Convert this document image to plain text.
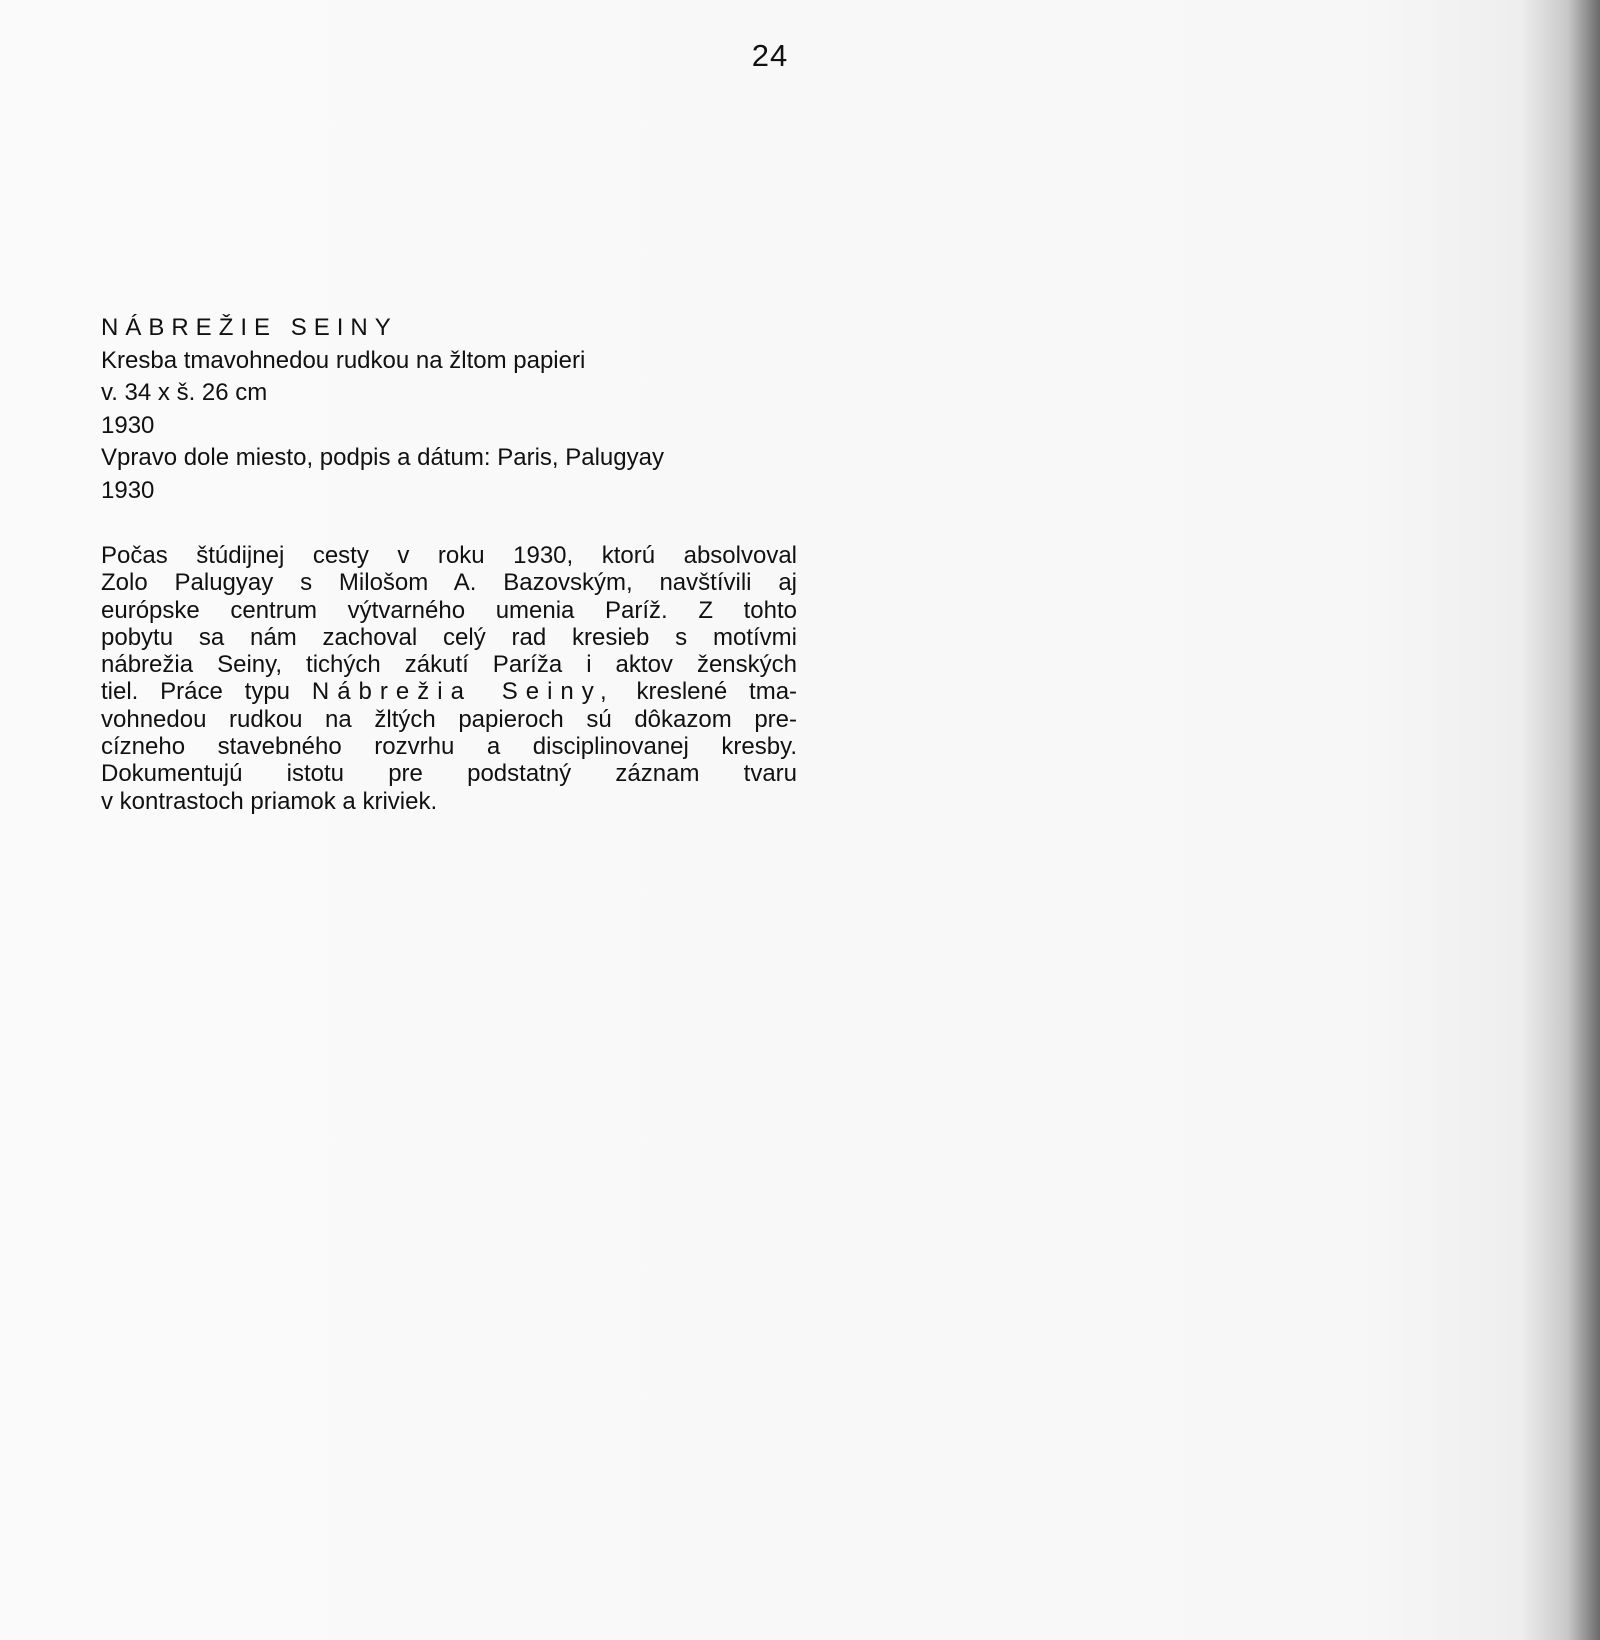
24
NÁBREŽIE SEINY
Kresba tmavohnedou rudkou na žltom papieri
v. 34 x š. 26 cm
1930
Vpravo dole miesto, podpis a dátum: Paris, Palugyay
1930
Počas štúdijnej cesty v roku 1930, ktorú absolvoval
Zolo Palugyay s Milošom A. Bazovským, navštívili aj
európske centrum výtvarného umenia Paríž. Z tohto
pobytu sa nám zachoval celý rad kresieb s motívmi
nábrežia Seiny, tichých zákutí Paríža i aktov ženských
tiel. Práce typu Nábrežia Seiny, kreslené tma-
vohnedou rudkou na žltých papieroch sú dôkazom pre-
cízneho stavebného rozvrhu a disciplinovanej kresby.
Dokumentujú istotu pre podstatný záznam tvaru
v kontrastoch priamok a kriviek.
